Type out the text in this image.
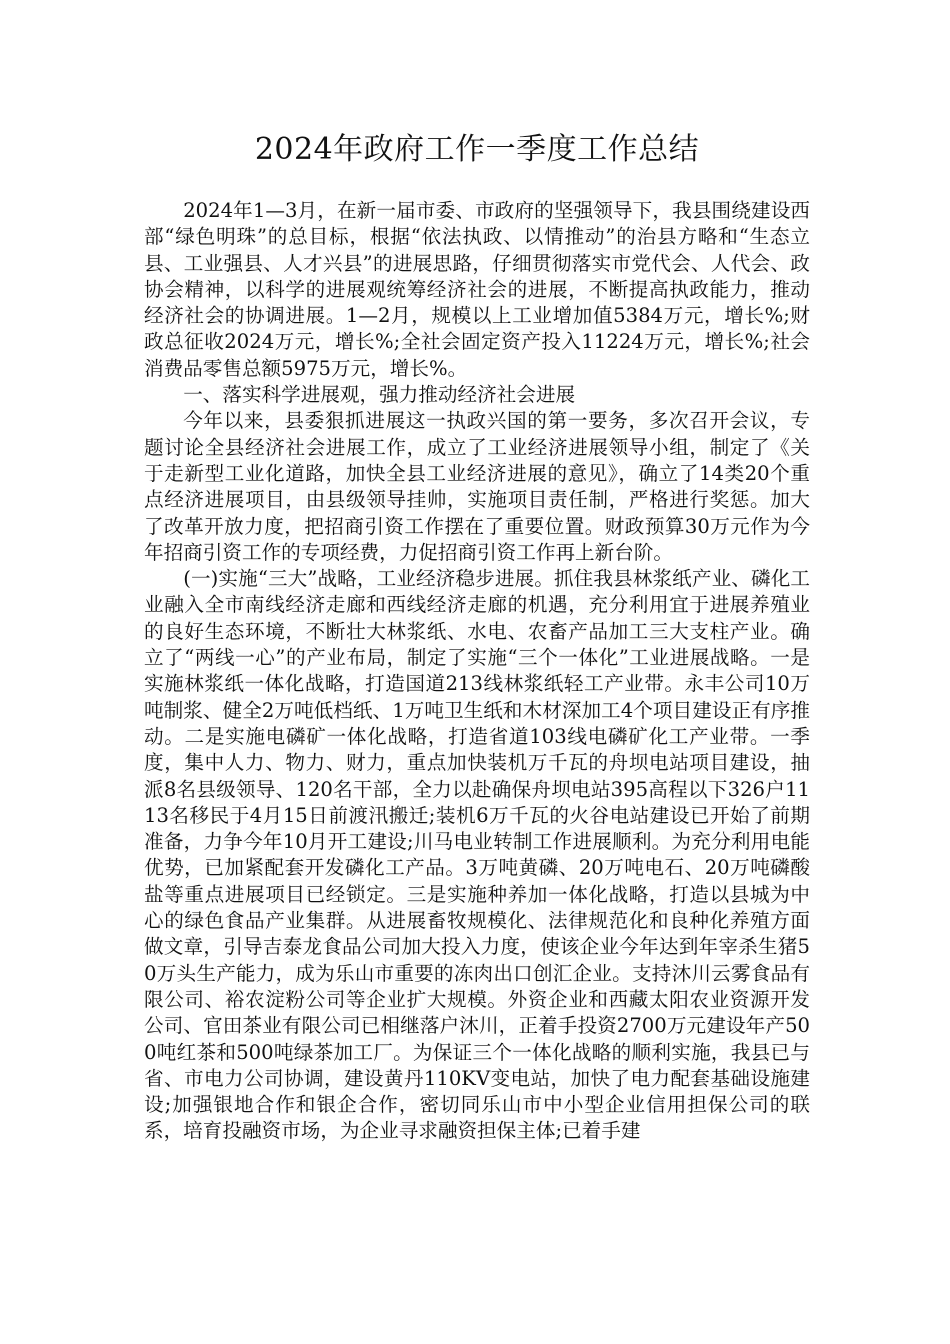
2024年政府工作一季度工作总结

2024年1—3月，在新一届市委、市政府的坚强领导下，我县围绕建设西部“绿色明珠”的总目标，根据“依法执政、以情推动”的治县方略和“生态立县、工业强县、人才兴县”的进展思路，仔细贯彻落实市党代会、人代会、政协会精神，以科学的进展观统筹经济社会的进展，不断提高执政能力，推动经济社会的协调进展。1—2月，规模以上工业增加值5384万元，增长%;财政总征收2024万元，增长%;全社会固定资产投入11224万元，增长%;社会消费品零售总额5975万元，增长%。

一、落实科学进展观，强力推动经济社会进展

今年以来，县委狠抓进展这一执政兴国的第一要务，多次召开会议，专题讨论全县经济社会进展工作，成立了工业经济进展领导小组，制定了《关于走新型工业化道路，加快全县工业经济进展的意见》，确立了14类20个重点经济进展项目，由县级领导挂帅，实施项目责任制，严格进行奖惩。加大了改革开放力度，把招商引资工作摆在了重要位置。财政预算30万元作为今年招商引资工作的专项经费，力促招商引资工作再上新台阶。

(一)实施“三大”战略，工业经济稳步进展。抓住我县林浆纸产业、磷化工业融入全市南线经济走廊和西线经济走廊的机遇，充分利用宜于进展养殖业的良好生态环境，不断壮大林浆纸、水电、农畜产品加工三大支柱产业。确立了“两线一心”的产业布局，制定了实施“三个一体化”工业进展战略。一是实施林浆纸一体化战略，打造国道213线林浆纸轻工产业带。永丰公司10万吨制浆、健全2万吨低档纸、1万吨卫生纸和木材深加工4个项目建设正有序推动。二是实施电磷矿一体化战略，打造省道103线电磷矿化工产业带。一季度，集中人力、物力、财力，重点加快装机万千瓦的舟坝电站项目建设，抽派8名县级领导、120名干部，全力以赴确保舟坝电站395高程以下326户1113名移民于4月15日前渡汛搬迁;装机6万千瓦的火谷电站建设已开始了前期准备，力争今年10月开工建设;川马电业转制工作进展顺利。为充分利用电能优势，已加紧配套开发磷化工产品。3万吨黄磷、20万吨电石、20万吨磷酸盐等重点进展项目已经锁定。三是实施种养加一体化战略，打造以县城为中心的绿色食品产业集群。从进展畜牧规模化、法律规范化和良种化养殖方面做文章，引导吉泰龙食品公司加大投入力度，使该企业今年达到年宰杀生猪50万头生产能力，成为乐山市重要的冻肉出口创汇企业。支持沐川云雾食品有限公司、裕农淀粉公司等企业扩大规模。外资企业和西藏太阳农业资源开发公司、官田茶业有限公司已相继落户沐川，正着手投资2700万元建设年产500吨红茶和500吨绿茶加工厂。为保证三个一体化战略的顺利实施，我县已与省、市电力公司协调，建设黄丹110KV变电站，加快了电力配套基础设施建设;加强银地合作和银企合作，密切同乐山市中小型企业信用担保公司的联系，培育投融资市场，为企业寻求融资担保主体;已着手建
